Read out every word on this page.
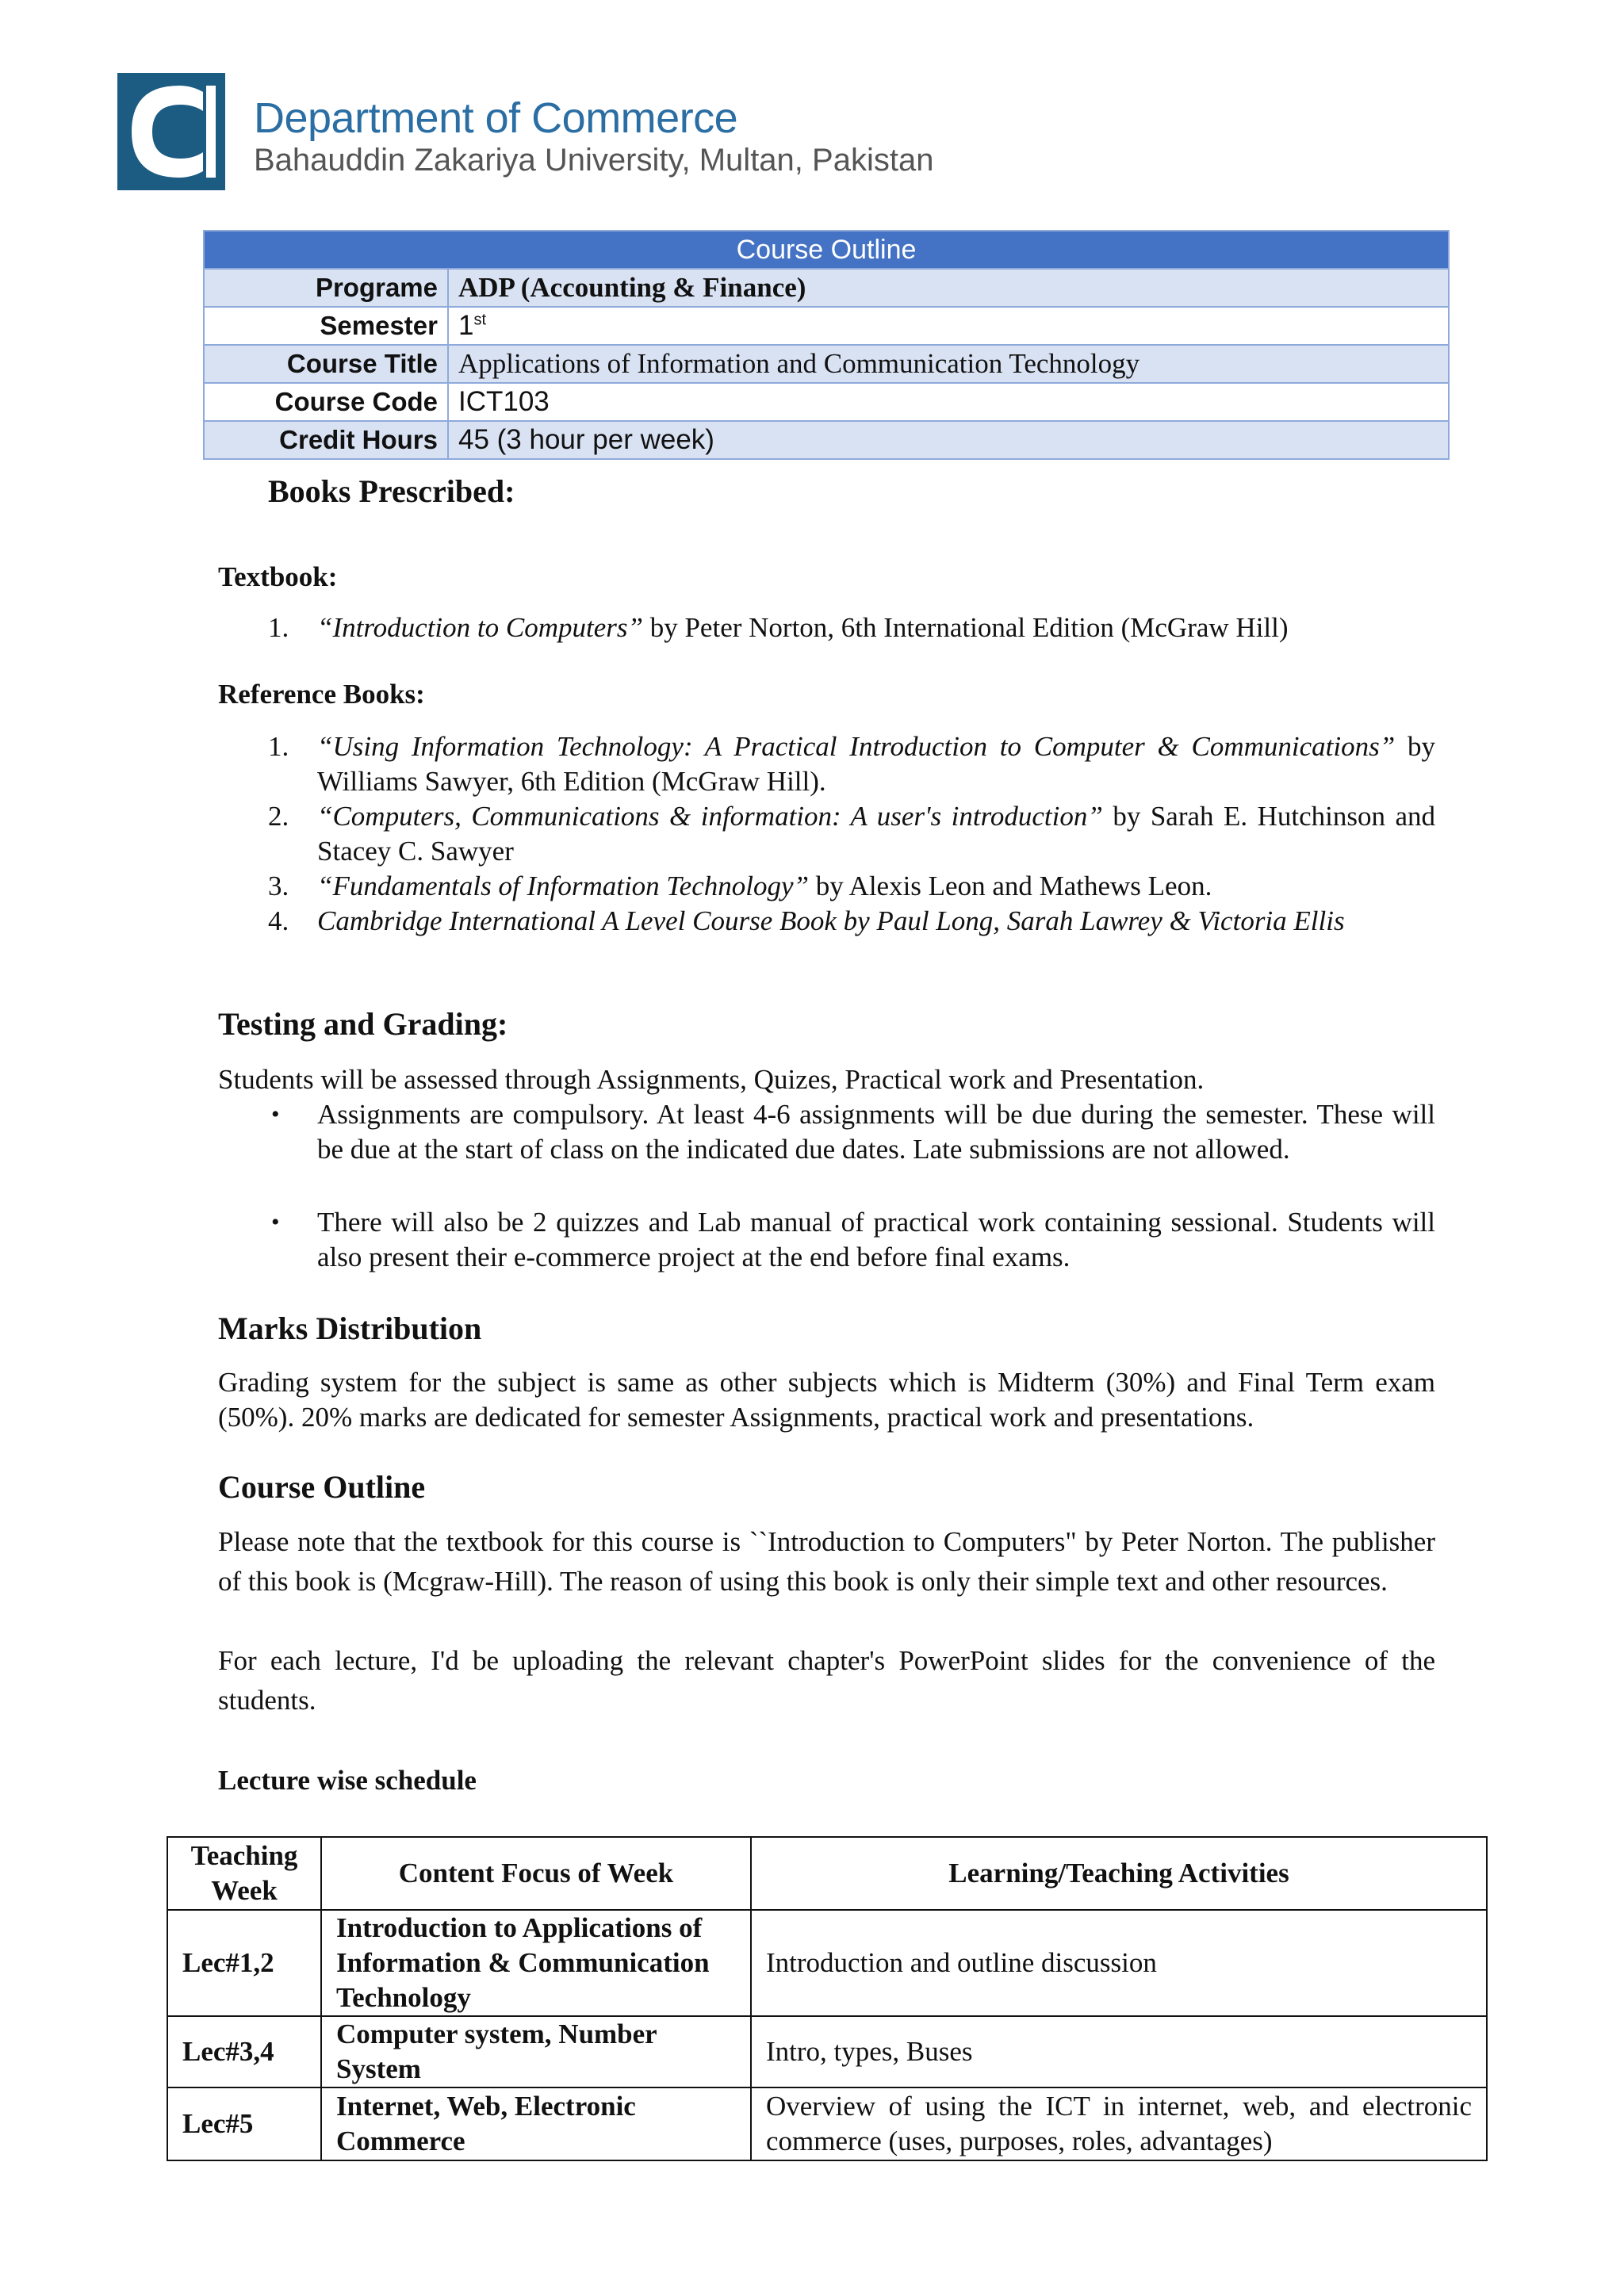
Department of Commerce
Bahauddin Zakariya University, Multan, Pakistan
Course Outline	
Programe	ADP (Accounting & Finance)
Semester	1st
Course Title	Applications of Information and Communication Technology
Course Code	ICT103
Credit Hours	45 (3 hour per week)
Books Prescribed:
Textbook:
1.	“Introduction to Computers” by Peter Norton, 6th International Edition (McGraw Hill)
Reference Books:
1.	“Using Information Technology: A Practical Introduction to Computer & Communications” by Williams Sawyer, 6th Edition (McGraw Hill).
2.	“Computers, Communications & information: A user's introduction” by Sarah E. Hutchinson and Stacey C. Sawyer
3.	“Fundamentals of Information Technology” by Alexis Leon and Mathews Leon.
4.	Cambridge International A Level Course Book by Paul Long, Sarah Lawrey & Victoria Ellis
Testing and Grading:
Students will be assessed through Assignments, Quizes, Practical work and Presentation.
• Assignments are compulsory. At least 4-6 assignments will be due during the semester. These will be due at the start of class on the indicated due dates. Late submissions are not allowed.
• There will also be 2 quizzes and Lab manual of practical work containing sessional. Students will also present their e-commerce project at the end before final exams.
Marks Distribution
Grading system for the subject is same as other subjects which is Midterm (30%) and Final Term exam (50%). 20% marks are dedicated for semester Assignments, practical work and presentations.
Course Outline
Please note that the textbook for this course is ``Introduction to Computers" by Peter Norton. The publisher of this book is (Mcgraw-Hill). The reason of using this book is only their simple text and other resources.
For each lecture, I'd be uploading the relevant chapter's PowerPoint slides for the convenience of the students.
Lecture wise schedule
Teaching Week	Content Focus of Week	Learning/Teaching Activities
Lec#1,2	Introduction to Applications of Information & Communication Technology	Introduction and outline discussion
Lec#3,4	Computer system, Number System	Intro, types, Buses
Lec#5	Internet, Web, Electronic Commerce	Overview of using the ICT in internet, web, and electronic commerce (uses, purposes, roles, advantages)
